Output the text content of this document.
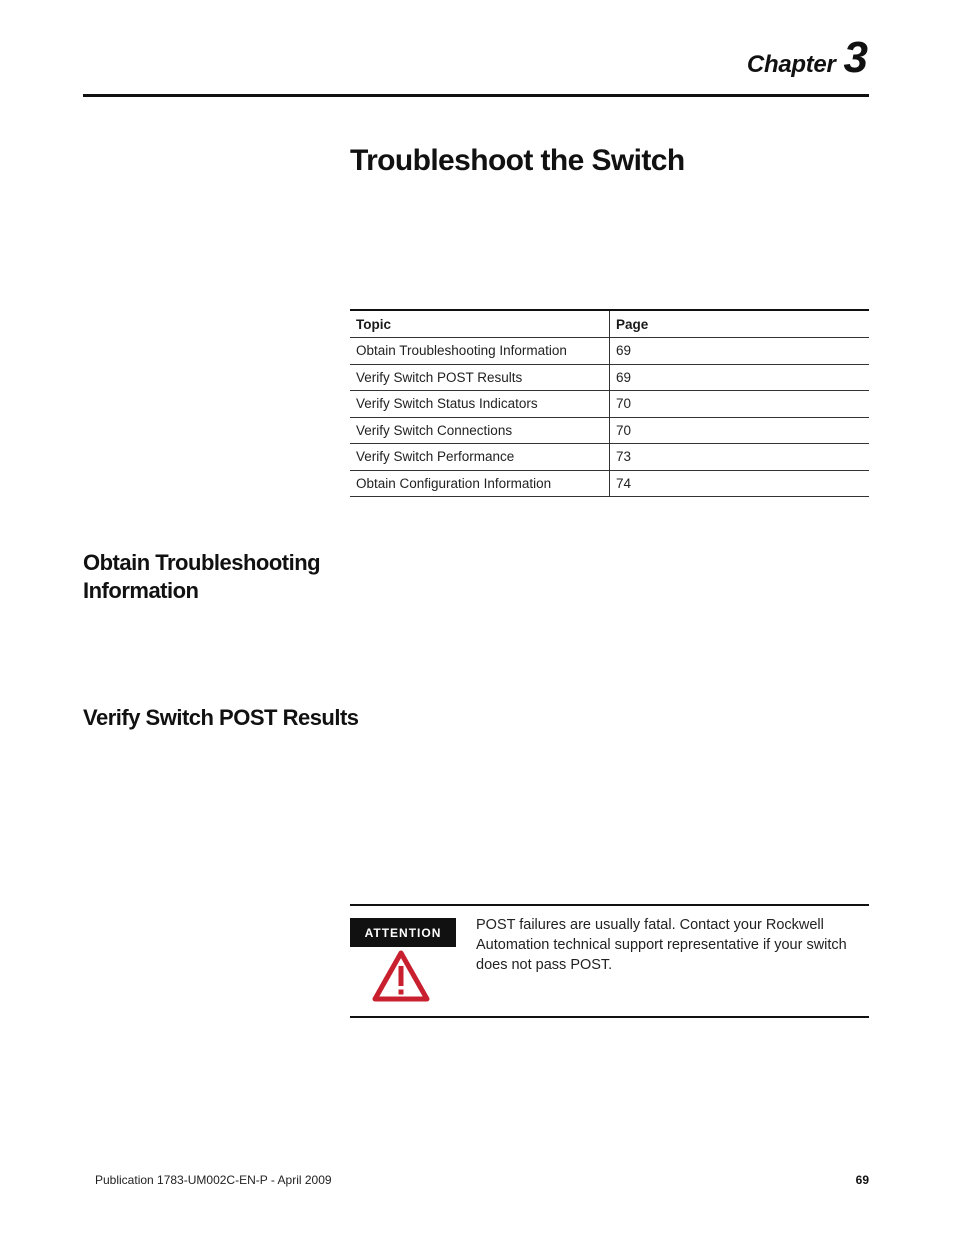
Chapter 3
Troubleshoot the Switch
Topic	Page
Obtain Troubleshooting Information	69
Verify Switch POST Results	69
Verify Switch Status Indicators	70
Verify Switch Connections	70
Verify Switch Performance	73
Obtain Configuration Information	74
Obtain Troubleshooting Information
Verify Switch POST Results
ATTENTION	POST failures are usually fatal. Contact your Rockwell Automation technical support representative if your switch does not pass POST.

Publication 1783-UM002C-EN-P - April 2009	69
